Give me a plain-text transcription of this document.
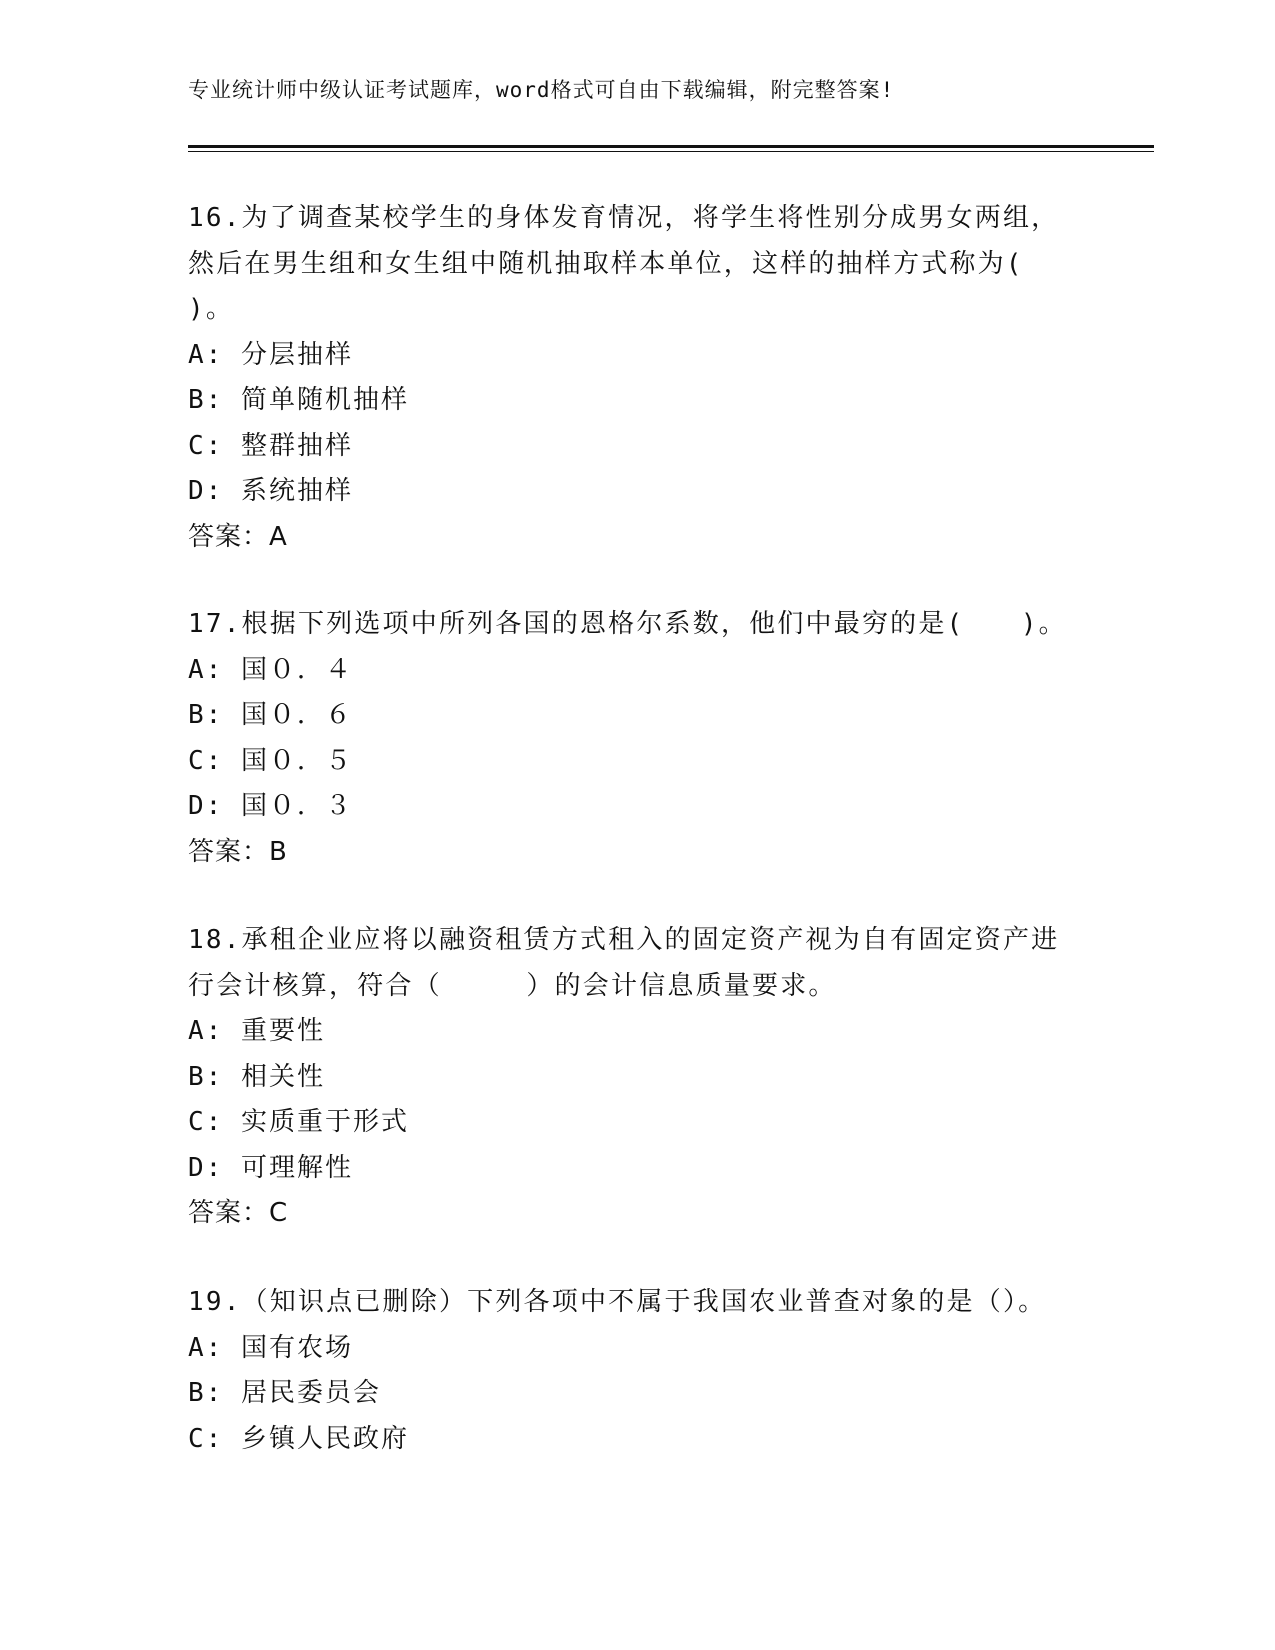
专业统计师中级认证考试题库，word格式可自由下载编辑，附完整答案!
16.为了调查某校学生的身体发育情况，将学生将性别分成男女两组，
然后在男生组和女生组中随机抽取样本单位，这样的抽样方式称为(
)。
A: 分层抽样
B: 简单随机抽样
C: 整群抽样
D: 系统抽样
答案：A
17.根据下列选项中所列各国的恩格尔系数，他们中最穷的是(　　)。
A: 国０．４
B: 国０．６
C: 国０．５
D: 国０．３
答案：B
18.承租企业应将以融资租赁方式租入的固定资产视为自有固定资产进
行会计核算，符合（　　　）的会计信息质量要求。
A: 重要性
B: 相关性
C: 实质重于形式
D: 可理解性
答案：C
19.（知识点已删除）下列各项中不属于我国农业普查对象的是（）。
A: 国有农场
B: 居民委员会
C: 乡镇人民政府
